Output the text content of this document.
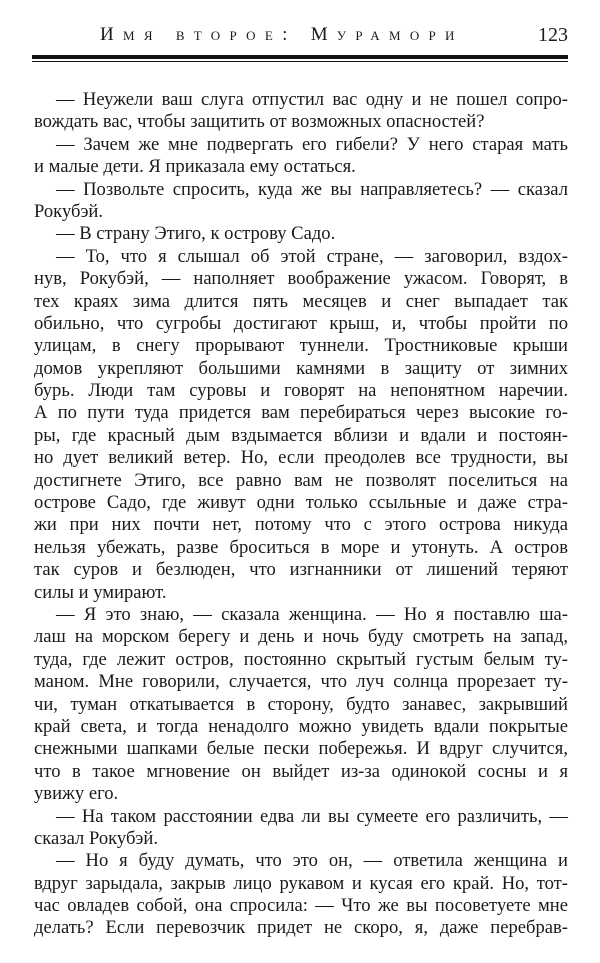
Имя второе: Мурамори	123
— Неужели ваш слуга отпустил вас одну и не пошел сопро-
вождать вас, чтобы защитить от возможных опасностей?
— Зачем же мне подвергать его гибели? У него старая мать
и малые дети. Я приказала ему остаться.
— Позвольте спросить, куда же вы направляетесь? — сказал
Рокубэй.
— В страну Этиго, к острову Садо.
— То, что я слышал об этой стране, — заговорил, вздох-
нув, Рокубэй, — наполняет воображение ужасом. Говорят, в
тех краях зима длится пять месяцев и снег выпадает так
обильно, что сугробы достигают крыш, и, чтобы пройти по
улицам, в снегу прорывают туннели. Тростниковые крыши
домов укрепляют большими камнями в защиту от зимних
бурь. Люди там суровы и говорят на непонятном наречии.
А по пути туда придется вам перебираться через высокие го-
ры, где красный дым вздымается вблизи и вдали и постоян-
но дует великий ветер. Но, если преодолев все трудности, вы
достигнете Этиго, все равно вам не позволят поселиться на
острове Садо, где живут одни только ссыльные и даже стра-
жи при них почти нет, потому что с этого острова никуда
нельзя убежать, разве броситься в море и утонуть. А остров
так суров и безлюден, что изгнанники от лишений теряют
силы и умирают.
— Я это знаю, — сказала женщина. — Но я поставлю ша-
лаш на морском берегу и день и ночь буду смотреть на запад,
туда, где лежит остров, постоянно скрытый густым белым ту-
маном. Мне говорили, случается, что луч солнца прорезает ту-
чи, туман откатывается в сторону, будто занавес, закрывший
край света, и тогда ненадолго можно увидеть вдали покрытые
снежными шапками белые пески побережья. И вдруг случится,
что в такое мгновение он выйдет из-за одинокой сосны и я
увижу его.
— На таком расстоянии едва ли вы сумеете его различить, —
сказал Рокубэй.
— Но я буду думать, что это он, — ответила женщина и
вдруг зарыдала, закрыв лицо рукавом и кусая его край. Но, тот-
час овладев собой, она спросила: — Что же вы посоветуете мне
делать? Если перевозчик придет не скоро, я, даже перебрав-
